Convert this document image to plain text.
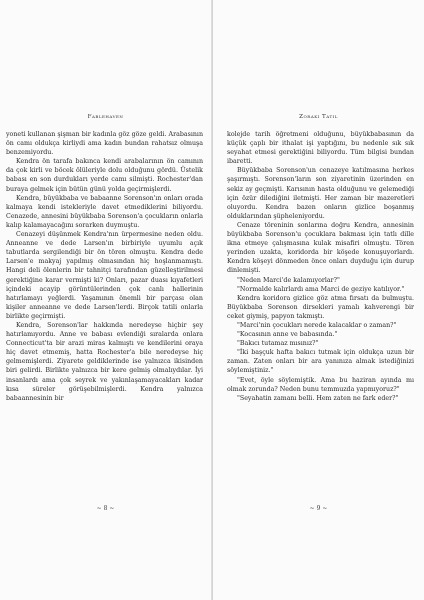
Fablehaven

yoneti kullanan şişman bir kadınla göz göze geldi. Arabasının ön camı oldukça kirliydi ama kadın bundan rahatsız olmuşa benzemiyordu.

Kendra ön tarafa bakınca kendi arabalarının ön camının da çok kirli ve böcek ölüleriyle dolu olduğunu gördü. Üstelik babası en son durdukları yerde camı silmişti. Rochester'dan buraya gelmek için bütün günü yolda geçirmişlerdi.

Kendra, büyükbaba ve babaanne Sorenson'ın onları orada kalmaya kendi istekleriyle davet etmediklerini biliyordu. Cenazede, annesini büyükbaba Sorenson'a çocukların onlarla kalıp kalamayacağını sorarken duymuştu.

Cenazeyi düşünmek Kendra'nın ürpermesine neden oldu. Anneanne ve dede Larsen'ın birbiriyle uyumlu açık tabutlarda sergilendiği bir ön tören olmuştu. Kendra dede Larsen'e makyaj yapılmış olmasından hiç hoşlanmamıştı. Hangi deli ölenlerin bir tahnitçi tarafından güzelleştirilmesi gerektiğine karar vermişti ki? Onları, pazar duası kıyafetleri içindeki acayip görüntülerinden çok canlı hallerinin hatırlamayı yeğlerdi. Yaşamının önemli bir parçası olan kişiler anneanne ve dede Larsen'lerdi. Birçok tatili onlarla birlikte geçirmişti.

Kendra, Sorenson'lar hakkında neredeyse hiçbir şey hatırlamıyordu. Anne ve babası evlendiği sıralarda onlara Connecticut'ta bir arazi miras kalmıştı ve kendilerini oraya hiç davet etmemiş, hatta Rochester'a bile neredeyse hiç gelmemişlerdi. Ziyarete geldiklerinde ise yalnızca ikisinden biri gelirdi. Birlikte yalnızca bir kere gelmiş olmalıydılar. İyi insanlardı ama çok seyrek ve yakınlaşamayacakları kadar kısa süreler görüşebilmişlerdi. Kendra yalnızca babaannesinin bir

~ 8 ~
Zoraki Tatil

kolejde tarih öğretmeni olduğunu, büyükbabasının da küçük çaplı bir ithalat işi yaptığını, bu nedenle sık sık seyahat etmesi gerektiğini biliyordu. Tüm bilgisi bundan ibaretti.

Büyükbaba Sorenson'un cenazeye katılmasına herkes şaşırmıştı. Sorenson'ların son ziyaretinin üzerinden en sekiz ay geçmişti. Karısının hasta olduğunu ve gelemediği için özür dilediğini iletmişti. Her zaman bir mazeretleri oluyordu. Kendra bazen onların gizlice boşanmış olduklarından şüpheleniyordu.

Cenaze töreninin sonlarına doğru Kendra, annesinin büyükbaba Sorenson'u çocuklara bakması için tatlı dille ikna etmeye çalışmasına kulak misafiri olmuştu. Tören yerinden uzakta, koridorda bir köşede konuşuyorlardı. Kendra köşeyi dönmeden önce onları duyduğu için durup dinlemişti.

"Neden Marci'de kalamıyorlar?"

"Normalde kalırlardı ama Marci de geziye katılıyor."

Kendra koridora gizlice göz atma fırsatı da bulmuştu. Büyükbaba Sorenson dirsekleri yamalı kahverengi bir ceket giymiş, papyon takmıştı.

"Marci'nin çocukları nerede kalacaklar o zaman?"

"Kocasının anne ve babasında."

"Bakıcı tutamaz mısınız?"

"İki başçuk hafta bakıcı tutmak için oldukça uzun bir zaman. Zaten onları bir ara yanınıza almak istediğinizi söylemiştiniz."

"Evet, öyle söylemiştik. Ama bu haziran ayında mı olmak zorunda? Neden bunu temmuzda yapmıyoruz?"

"Seyahatin zamanı belli. Hem zaten ne fark eder?"

~ 9 ~
